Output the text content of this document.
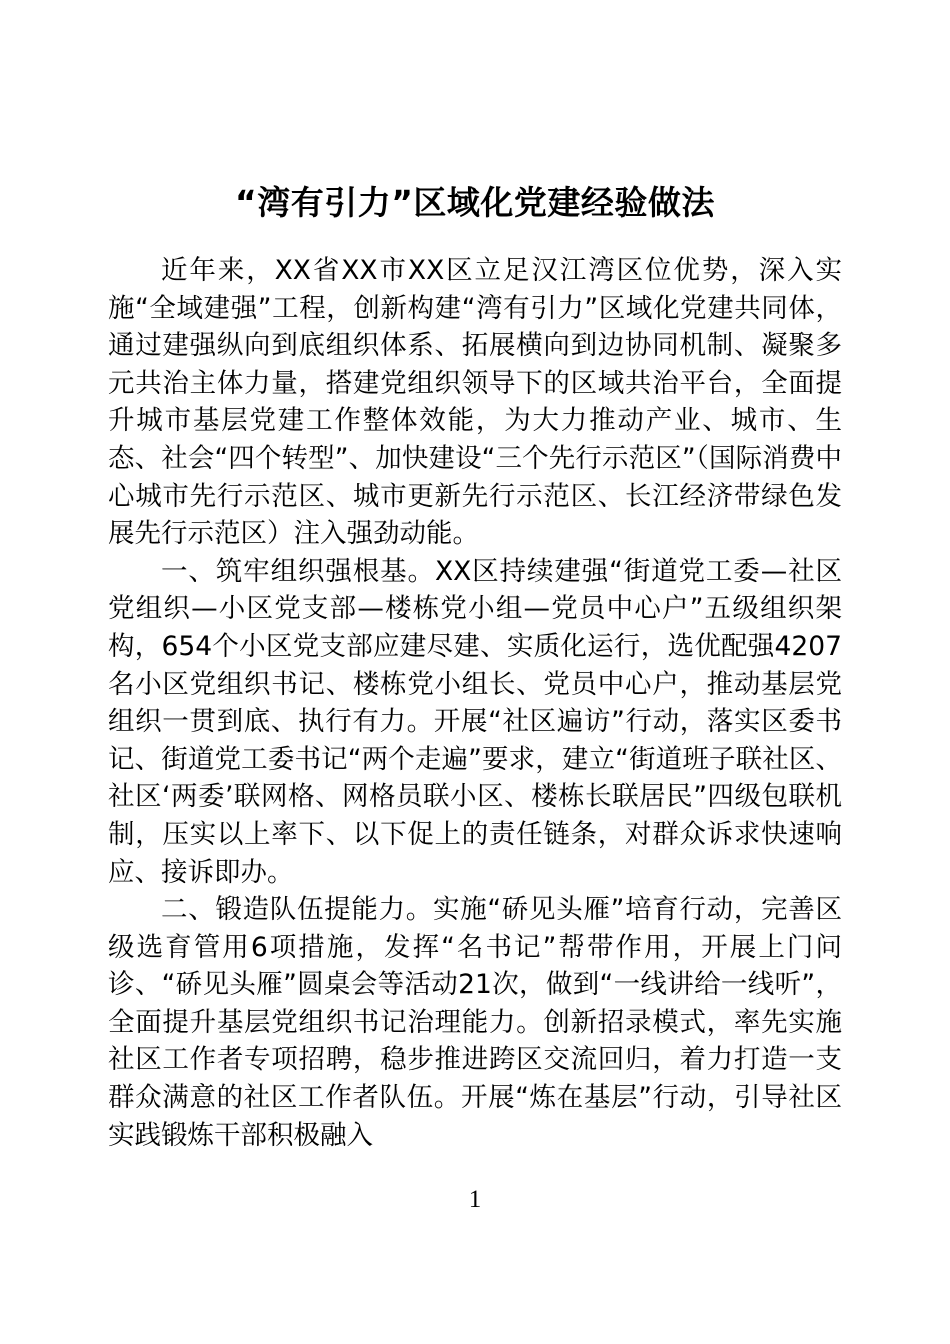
“湾有引力”区域化党建经验做法

近年来，XX省XX市XX区立足汉江湾区位优势，深入实施“全域建强”工程，创新构建“湾有引力”区域化党建共同体，通过建强纵向到底组织体系、拓展横向到边协同机制、凝聚多元共治主体力量，搭建党组织领导下的区域共治平台，全面提升城市基层党建工作整体效能，为大力推动产业、城市、生态、社会“四个转型”、加快建设“三个先行示范区”（国际消费中心城市先行示范区、城市更新先行示范区、长江经济带绿色发展先行示范区）注入强劲动能。

一、筑牢组织强根基。XX区持续建强“街道党工委—社区党组织—小区党支部—楼栋党小组—党员中心户”五级组织架构，654个小区党支部应建尽建、实质化运行，选优配强4207名小区党组织书记、楼栋党小组长、党员中心户，推动基层党组织一贯到底、执行有力。开展“社区遍访”行动，落实区委书记、街道党工委书记“两个走遍”要求，建立“街道班子联社区、社区‘两委’联网格、网格员联小区、楼栋长联居民”四级包联机制，压实以上率下、以下促上的责任链条，对群众诉求快速响应、接诉即办。

二、锻造队伍提能力。实施“硚见头雁”培育行动，完善区级选育管用6项措施，发挥“名书记”帮带作用，开展上门问诊、“硚见头雁”圆桌会等活动21次，做到“一线讲给一线听”，全面提升基层党组织书记治理能力。创新招录模式，率先实施社区工作者专项招聘，稳步推进跨区交流回归，着力打造一支群众满意的社区工作者队伍。开展“炼在基层”行动，引导社区实践锻炼干部积极融入

1
